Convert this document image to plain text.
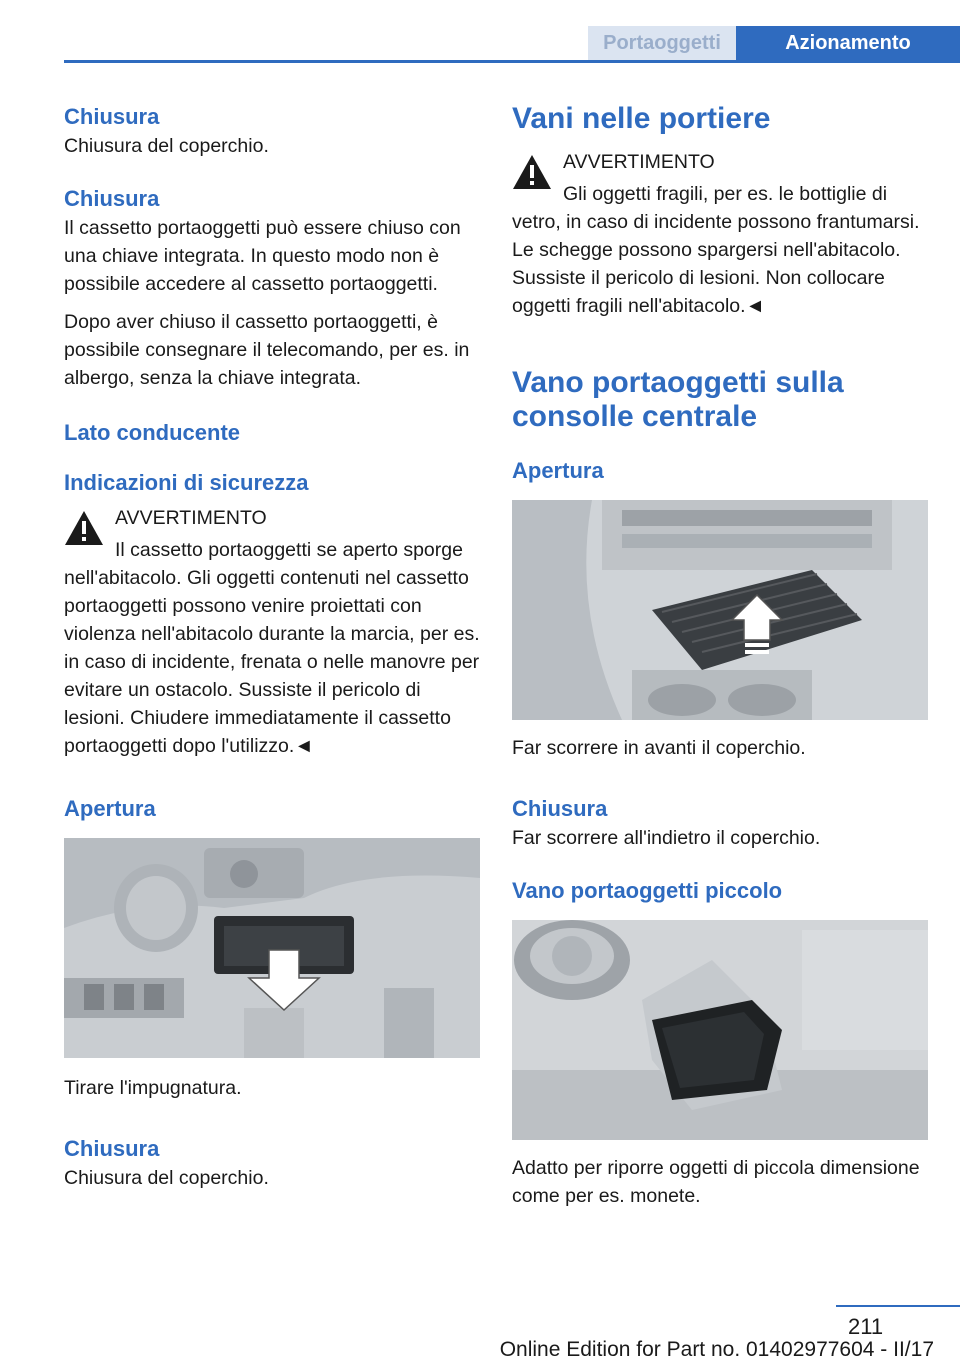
Portaoggetti	Azionamento
Chiusura

Chiusura del coperchio.

Chiusura

Il cassetto portaoggetti può essere chiuso con una chiave integrata. In questo modo non è possibile accedere al cassetto portaoggetti.

Dopo aver chiuso il cassetto portaoggetti, è possibile consegnare il telecomando, per es. in albergo, senza la chiave integrata.

Lato conducente
Indicazioni di sicurezza
AVVERTIMENTO

Il cassetto portaoggetti se aperto sporge nell'abitacolo. Gli oggetti contenuti nel cassetto portaoggetti possono venire proiettati con violenza nell'abitacolo durante la marcia, per es. in caso di incidente, frenata o nelle manovre per evitare un ostacolo. Sussiste il pericolo di lesioni. Chiudere immediatamente il cassetto portaoggetti dopo l'utilizzo.◄

Apertura

Tirare l'impugnatura.

Chiusura

Chiusura del coperchio.

Vani nelle portiere
AVVERTIMENTO

Gli oggetti fragili, per es. le bottiglie di vetro, in caso di incidente possono frantumarsi. Le schegge possono spargersi nell'abitacolo. Sussiste il pericolo di lesioni. Non collocare oggetti fragili nell'abitacolo.◄

Vano portaoggetti sulla consolle centrale
Apertura

Far scorrere in avanti il coperchio.

Chiusura

Far scorrere all'indietro il coperchio.

Vano portaoggetti piccolo

Adatto per riporre oggetti di piccola dimensione come per es. monete.

211
Online Edition for Part no. 01402977604 - II/17
